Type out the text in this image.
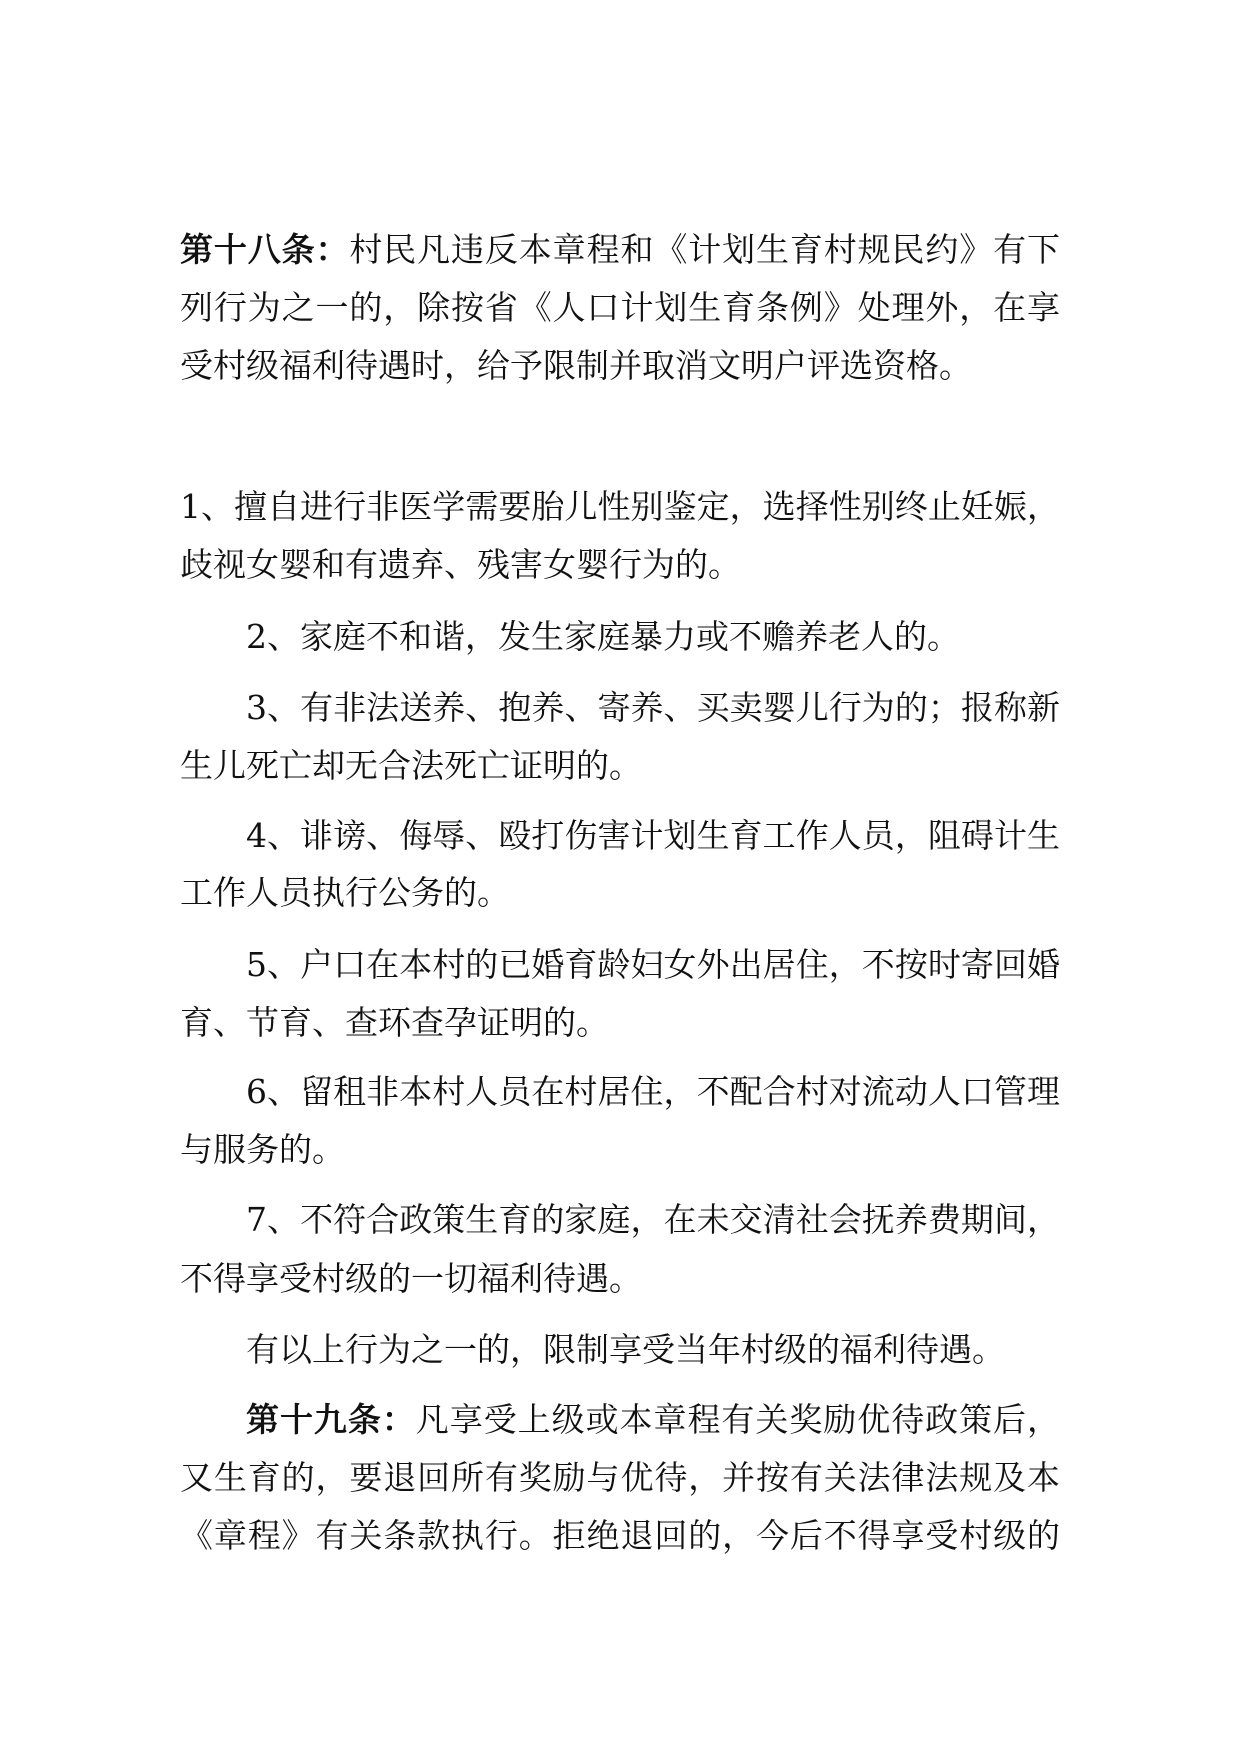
第十八条：村民凡违反本章程和《计划生育村规民约》有下
列行为之一的，除按省《人口计划生育条例》处理外，在享
受村级福利待遇时，给予限制并取消文明户评选资格。
1、擅自进行非医学需要胎儿性别鉴定，选择性别终止妊娠，
歧视女婴和有遗弃、残害女婴行为的。
2、家庭不和谐，发生家庭暴力或不赡养老人的。
3、有非法送养、抱养、寄养、买卖婴儿行为的；报称新
生儿死亡却无合法死亡证明的。
4、诽谤、侮辱、殴打伤害计划生育工作人员，阻碍计生
工作人员执行公务的。
5、户口在本村的已婚育龄妇女外出居住，不按时寄回婚
育、节育、查环查孕证明的。
6、留租非本村人员在村居住，不配合村对流动人口管理
与服务的。
7、不符合政策生育的家庭，在未交清社会抚养费期间，
不得享受村级的一切福利待遇。
有以上行为之一的，限制享受当年村级的福利待遇。
第十九条：凡享受上级或本章程有关奖励优待政策后，
又生育的，要退回所有奖励与优待，并按有关法律法规及本
《章程》有关条款执行。拒绝退回的，今后不得享受村级的
